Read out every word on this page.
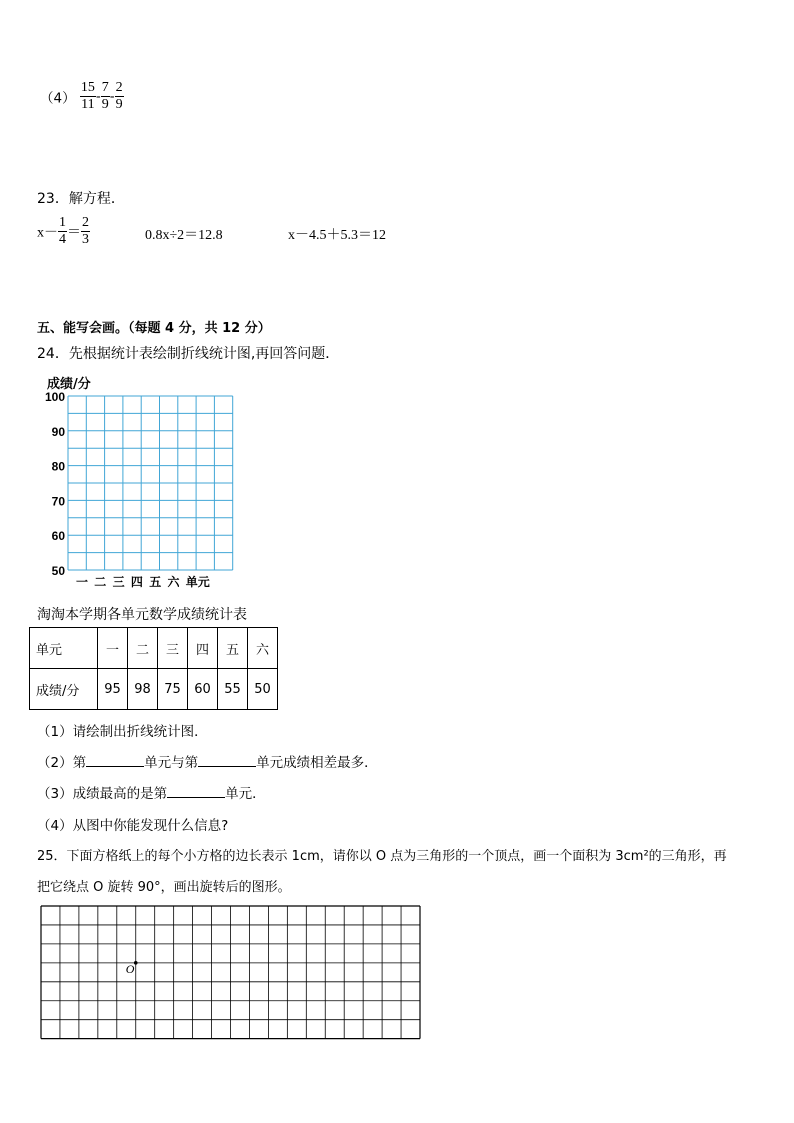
$(4) \frac{15}{11} - \frac{7}{9} - \frac{2}{9}$
23．解方程．
$x- \frac{1}{4} = \frac{2}{3}$	0.8x÷2＝12.8	x－4.5＋5.3＝12
五、能写会画。（每题 4 分，共 12 分）
24．先根据统计表绘制折线统计图,再回答问题．
成绩/分
100
90
80
70
60
50
一 二 三 四 五 六 单元
淘淘本学期各单元数学成绩统计表
单元	一	二	三	四	五	六
成绩/分	95	98	75	60	55	50
（1）请绘制出折线统计图．
（2）第	单元与第	单元成绩相差最多．
（3）成绩最高的是第	单元．
（4）从图中你能发现什么信息?
25．下面方格纸上的每个小方格的边长表示 1cm，请你以 O 点为三角形的一个顶点，画一个面积为 3cm²的三角形，再
把它绕点 O 旋转 90°，画出旋转后的图形。
O
